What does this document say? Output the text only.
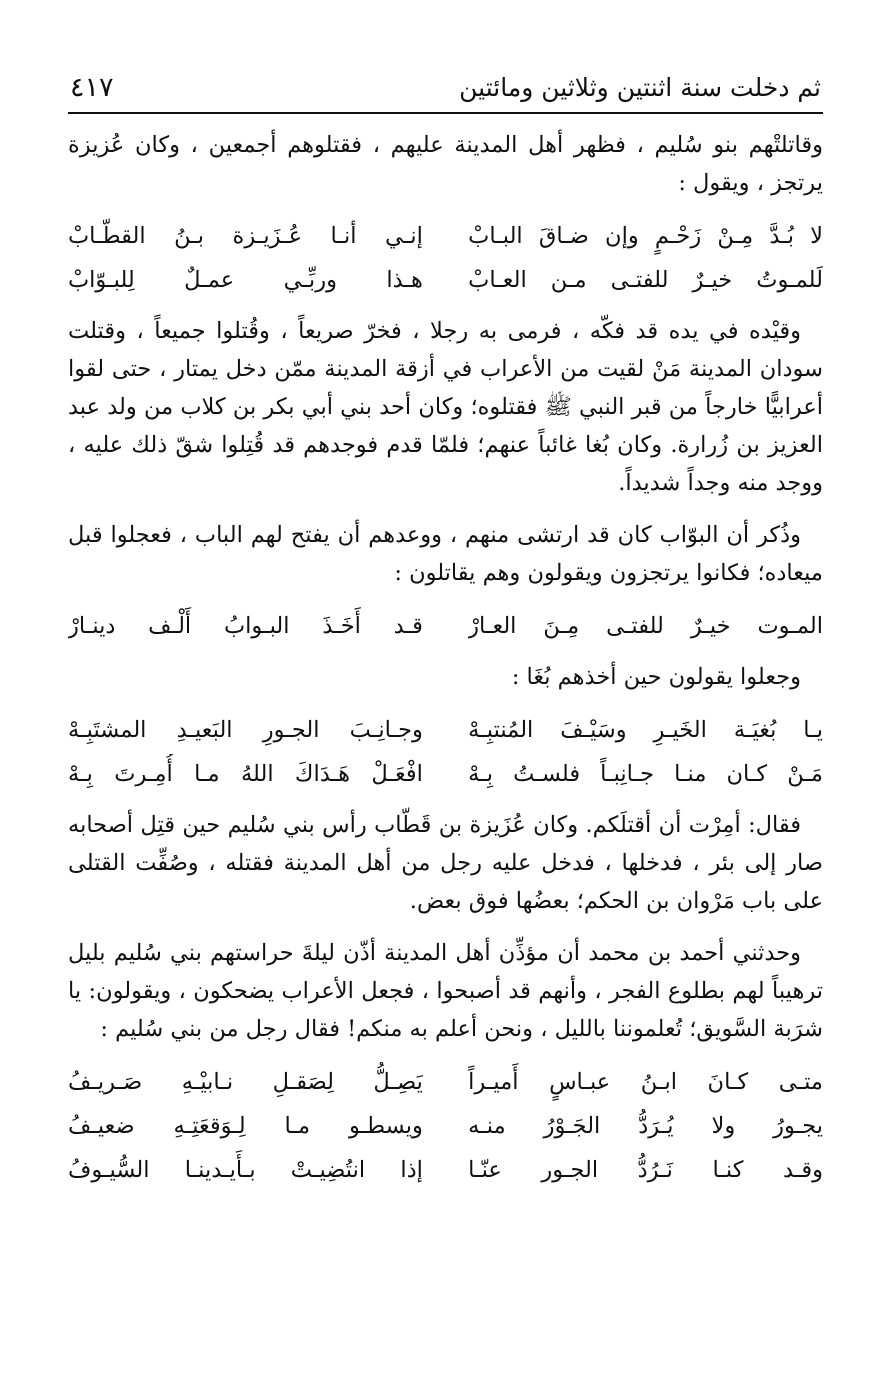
ثم دخلت سنة اثنتين وثلاثين ومائتين
٤١٧

وقاتلتْهم بنو سُليم ، فظهر أهل المدينة عليهم ، فقتلوهم أجمعين ، وكان عُزيزة يرتجز ، ويقول :

لا بُـدَّ مِـنْ زَحْـمٍ وإن ضـاقَ البـابْ
إنـي أنـا عُـزَيـزة بـنُ القطّـابْ
لَلمـوتُ خيـرٌ للفتـى مـن العـابْ
هـذا وربِّـي عمـلٌ لِلبـوّابْ

وقيْده في يده قد فكّه ، فرمى به رجلا ، فخرّ صريعاً ، وقُتلوا جميعاً ، وقتلت سودان المدينة مَنْ لقيت من الأعراب في أزقة المدينة ممّن دخل يمتار ، حتى لقوا أعرابيًّا خارجاً من قبر النبي ﷺ فقتلوه؛ وكان أحد بني أبي بكر بن كلاب من ولد عبد العزيز بن زُرارة. وكان بُغا غائباً عنهم؛ فلمّا قدم فوجدهم قد قُتِلوا شقّ ذلك عليه ، ووجد منه وجداً شديداً.

وذُكر أن البوّاب كان قد ارتشى منهم ، ووعدهم أن يفتح لهم الباب ، فعجلوا قبل ميعاده؛ فكانوا يرتجزون ويقولون وهم يقاتلون :

المـوت خيـرٌ للفتـى مِـنَ العـارْ
قـد أَخَـذَ البـوابُ أَلْـف دينـارْ

وجعلوا يقولون حين أخذهم بُغَا :

يـا بُغيَـة الخَيـرِ وسَيْـفَ المُنتبِـهْ
وجـانِـبَ الجـورِ البَعيـدِ المشتَبِـهْ
مَـنْ كـان منـا جـانِبـاً فلسـتُ بِـهْ
افْعَـلْ هَـدَاكَ اللهُ مـا أُمِـرتَ بِـهْ

فقال: أمِرْت أن أقتلَكم. وكان عُزَيزة بن قَطّاب رأس بني سُليم حين قتِل أصحابه صار إلى بئر ، فدخلها ، فدخل عليه رجل من أهل المدينة فقتله ، وصُفِّت القتلى على باب مَرْوان بن الحكم؛ بعضُها فوق بعض.

وحدثني أحمد بن محمد أن مؤذِّن أهل المدينة أذّن ليلةَ حراستهم بني سُليم بليل ترهيباً لهم بطلوع الفجر ، وأنهم قد أصبحوا ، فجعل الأعراب يضحكون ، ويقولون: يا شرَبة السَّويق؛ تُعلموننا بالليل ، ونحن أعلم به منكم! فقال رجل من بني سُليم :

متـى كـانَ ابـنُ عبـاسٍ أَميـراً
يَصِـلُّ لِصَقـلِ نـابيْـهِ صَـريـفُ
يجـورُ ولا يُـرَدُّ الجَـوْرُ منـه
ويسطـو مـا لِـوَقعَتِـهِ ضعيـفُ
وقـد كنـا نَـرُدُّ الجـور عنّـا
إذا انتُضِيـتْ بـأَيـدينـا السُّيـوفُ
